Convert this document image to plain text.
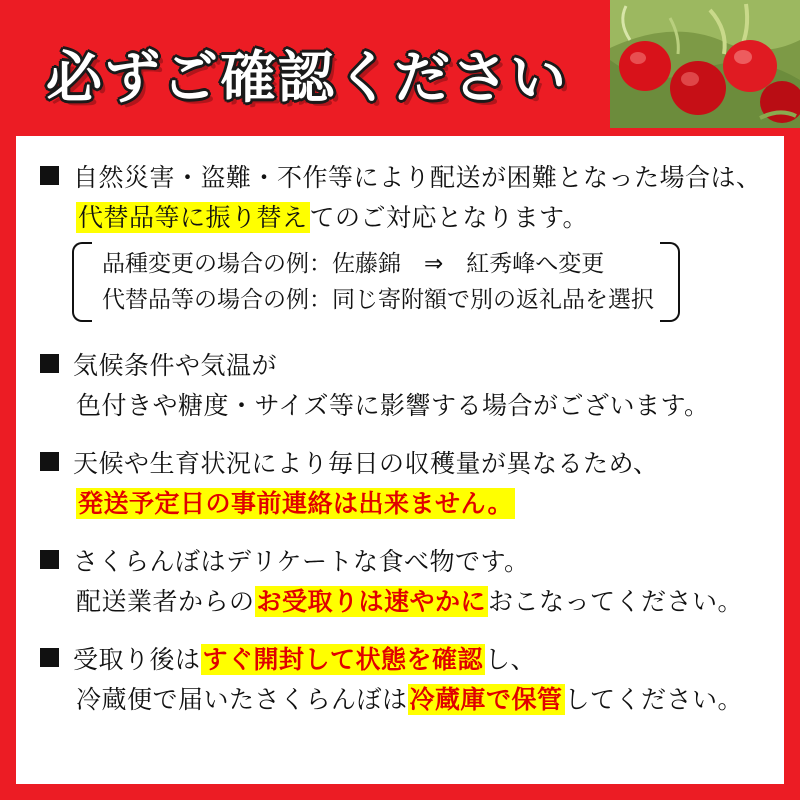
必ずご確認ください
自然災害・盗難・不作等により配送が困難となった場合は、
代替品等に振り替えてのご対応となります。
品種変更の場合の例：佐藤錦　⇒　紅秀峰へ変更
代替品等の場合の例：同じ寄附額で別の返礼品を選択
気候条件や気温が
色付きや糖度・サイズ等に影響する場合がございます。
天候や生育状況により毎日の収穫量が異なるため、
発送予定日の事前連絡は出来ません。
さくらんぼはデリケートな食べ物です。
配送業者からのお受取りは速やかにおこなってください。
受取り後はすぐ開封して状態を確認し、
冷蔵便で届いたさくらんぼは冷蔵庫で保管してください。
